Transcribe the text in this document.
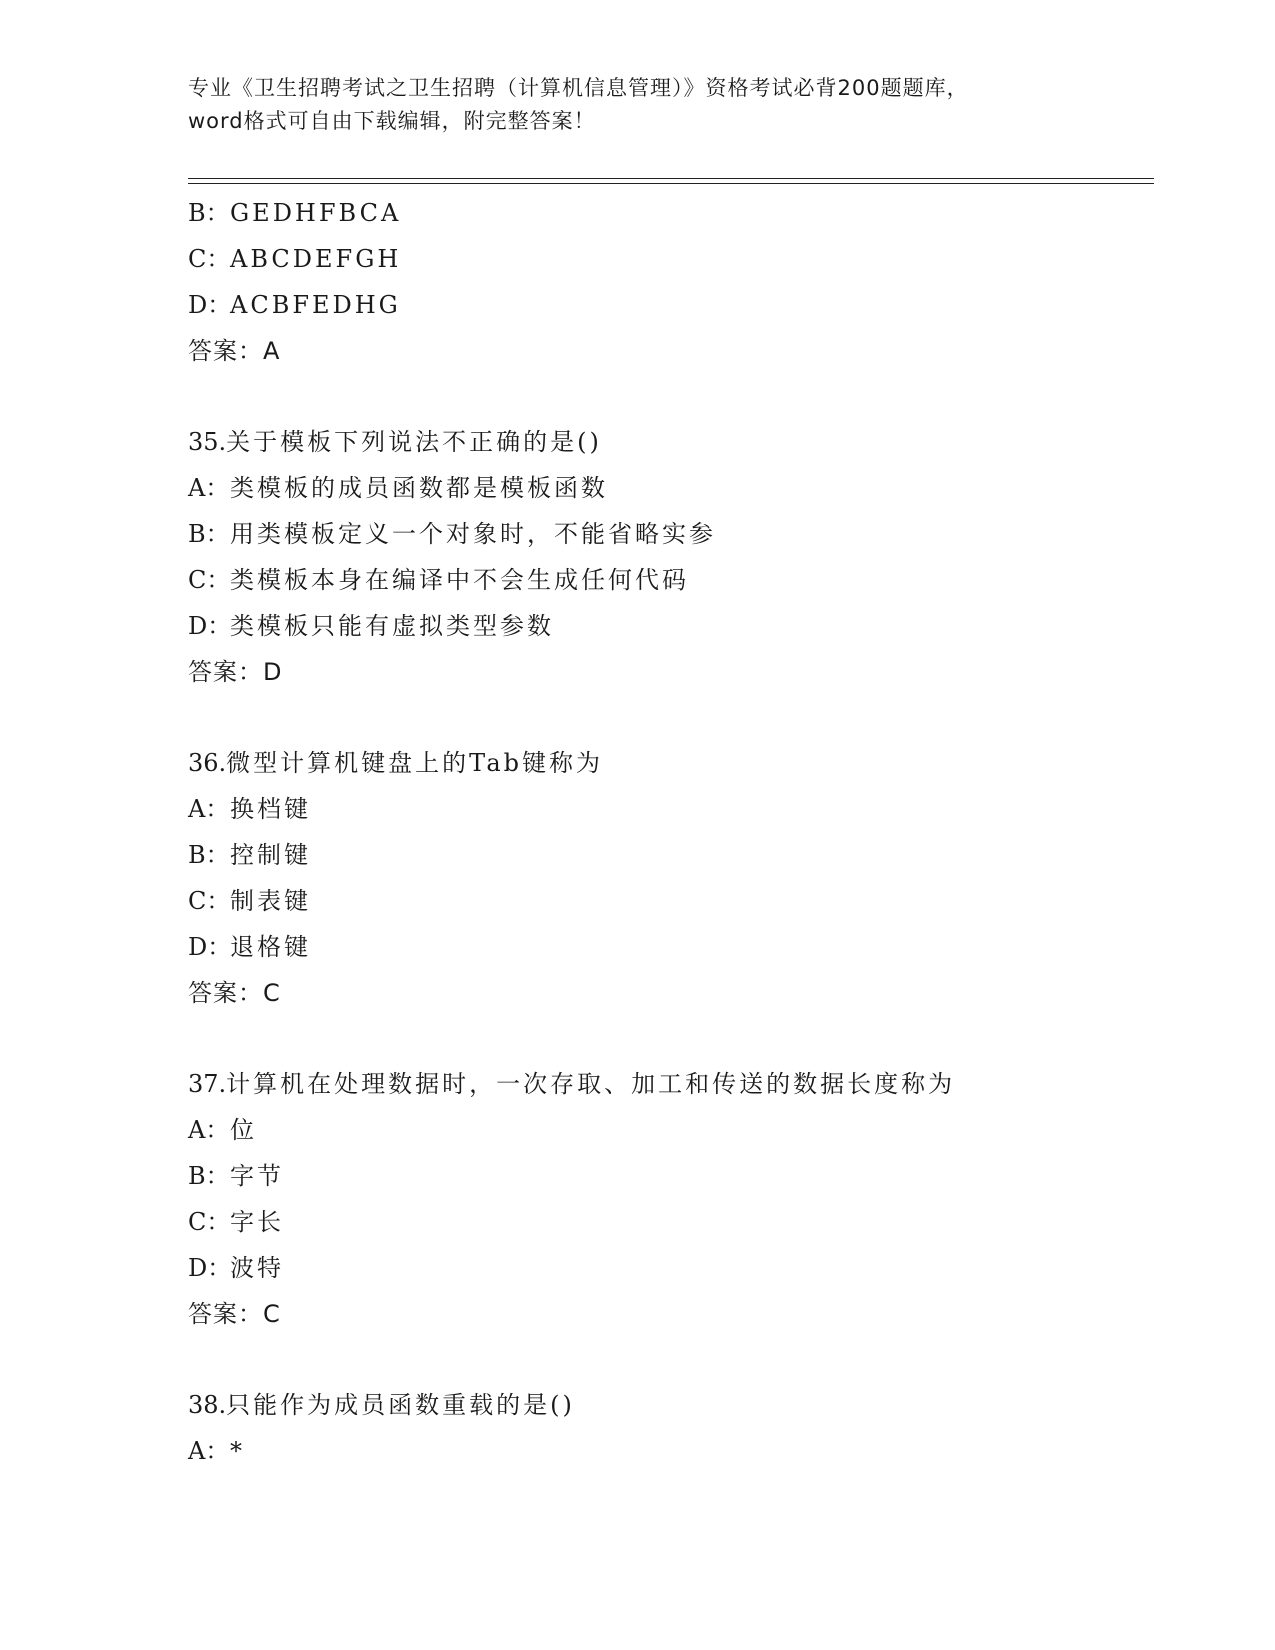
专业《卫生招聘考试之卫生招聘（计算机信息管理）》资格考试必背200题题库，
word格式可自由下载编辑，附完整答案！
B：GEDHFBCA
C：ABCDEFGH
D：ACBFEDHG
答案：A
35.关于模板下列说法不正确的是()
A：类模板的成员函数都是模板函数
B：用类模板定义一个对象时，不能省略实参
C：类模板本身在编译中不会生成任何代码
D：类模板只能有虚拟类型参数
答案：D
36.微型计算机键盘上的Tab键称为
A：换档键
B：控制键
C：制表键
D：退格键
答案：C
37.计算机在处理数据时，一次存取、加工和传送的数据长度称为
A：位
B：字节
C：字长
D：波特
答案：C
38.只能作为成员函数重载的是()
A：*
